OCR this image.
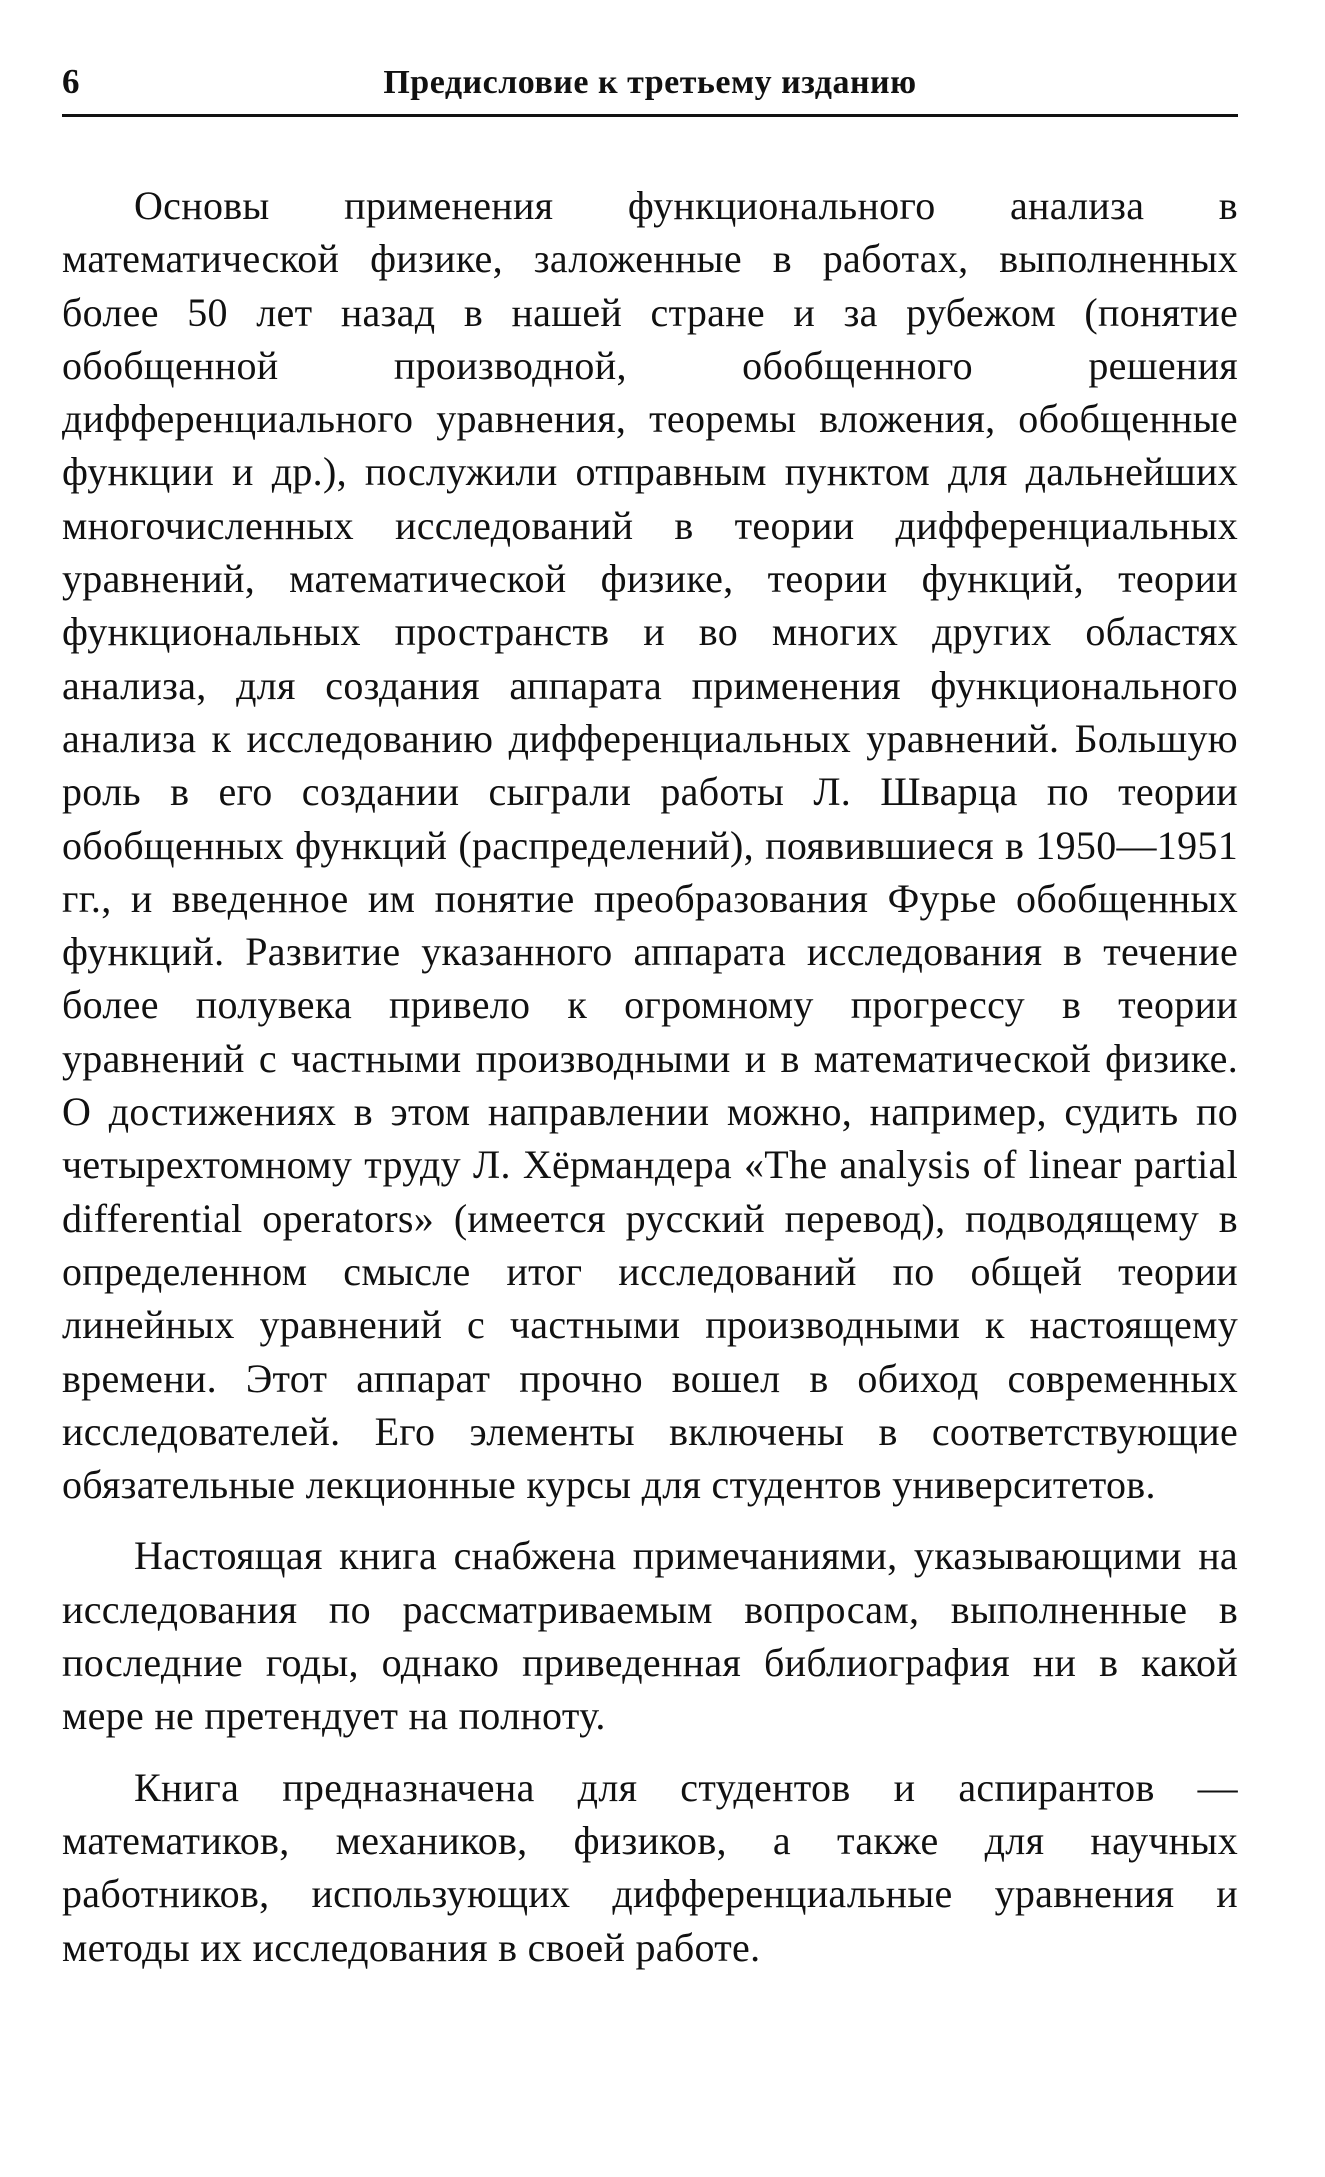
6	Предисловие к третьему изданию

Основы применения функционального анализа в математической физике, заложенные в работах, выполненных более 50 лет назад в нашей стране и за рубежом (понятие обобщенной производной, обобщенного решения дифференциального уравнения, теоремы вложения, обобщенные функции и др.), послужили отправным пунктом для дальнейших многочисленных исследований в теории дифференциальных уравнений, математической физике, теории функций, теории функциональных пространств и во многих других областях анализа, для создания аппарата применения функционального анализа к исследованию дифференциальных уравнений. Большую роль в его создании сыграли работы Л. Шварца по теории обобщенных функций (распределений), появившиеся в 1950—1951 гг., и введенное им понятие преобразования Фурье обобщенных функций. Развитие указанного аппарата исследования в течение более полувека привело к огромному прогрессу в теории уравнений с частными производными и в математической физике. О достижениях в этом направлении можно, например, судить по четырехтомному труду Л. Хёрмандера «The analysis of linear partial differential operators» (имеется русский перевод), подводящему в определенном смысле итог исследований по общей теории линейных уравнений с частными производными к настоящему времени. Этот аппарат прочно вошел в обиход современных исследователей. Его элементы включены в соответствующие обязательные лекционные курсы для студентов университетов.

Настоящая книга снабжена примечаниями, указывающими на исследования по рассматриваемым вопросам, выполненные в последние годы, однако приведенная библиография ни в какой мере не претендует на полноту.

Книга предназначена для студентов и аспирантов — математиков, механиков, физиков, а также для научных работников, использующих дифференциальные уравнения и методы их исследования в своей работе.
